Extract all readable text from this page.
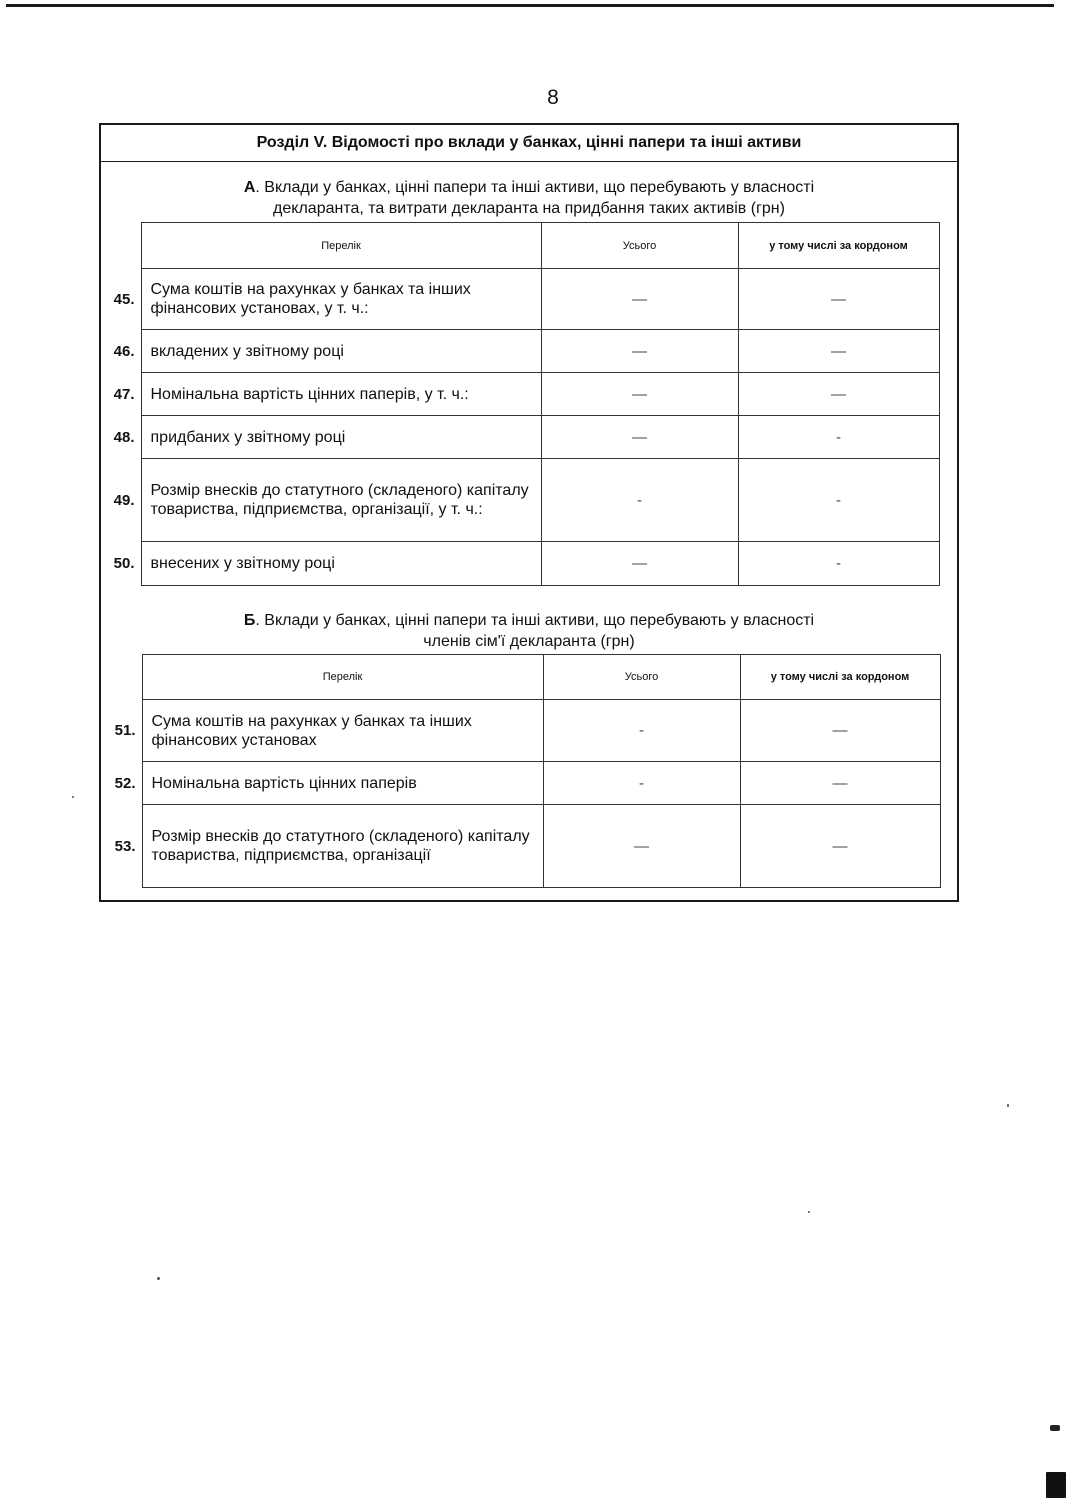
8
Розділ V. Відомості про вклади у банках, цінні папери та інші активи
А. Вклади у банках, цінні папери та інші активи, що перебувають у власності
декларанта, та витрати декларанта на придбання таких активів (грн)
	Перелік	Усього	у тому числі за кордоном
45.	Сума коштів на рахунках у банках та інших фінансових установах, у т. ч.:	—	—
46.	вкладених у звітному році	—	—
47.	Номінальна вартість цінних паперів, у т. ч.:	—	—
48.	придбаних у звітному році	—	-
49.	Розмір внесків до статутного (складеного) капіталу товариства, підприємства, організації, у т. ч.:	-	-
50.	внесених у звітному році	—	-
Б. Вклади у банках, цінні папери та інші активи, що перебувають у власності
членів сім'ї декларанта (грн)
	Перелік	Усього	у тому числі за кордоном
51.	Сума коштів на рахунках у банках та інших фінансових установах	-	—
52.	Номінальна вартість цінних паперів	-	—
53.	Розмір внесків до статутного (складеного) капіталу товариства, підприємства, організації	—	—
